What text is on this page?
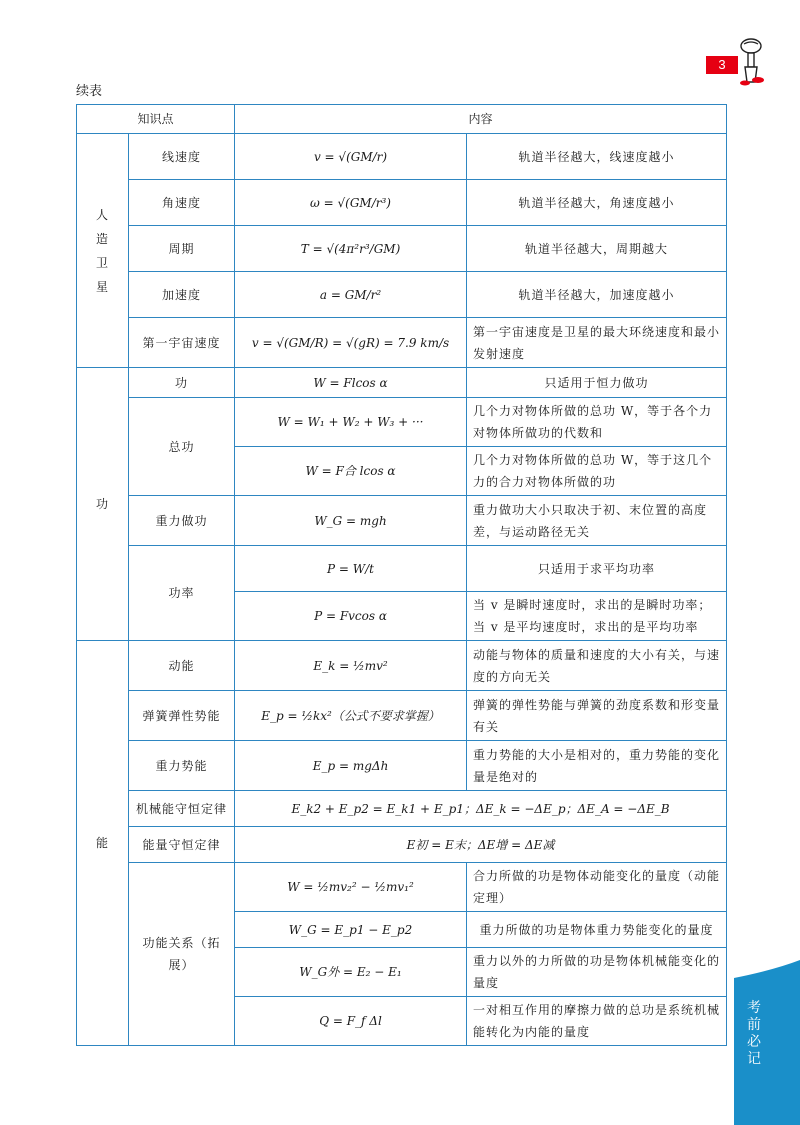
续表
3
知识点		内容	
人造卫星	线速度	v = √(GM/r)	轨道半径越大，线速度越小
	角速度	ω = √(GM/r³)	轨道半径越大，角速度越小
	周期	T = √(4π²r³/GM)	轨道半径越大，周期越大
	加速度	a = GM/r²	轨道半径越大，加速度越小
	第一宇宙速度	v = √(GM/R) = √(gR) = 7.9 km/s	第一宇宙速度是卫星的最大环绕速度和最小发射速度
功	功	W = Flcos α	只适用于恒力做功
	总功	W = W₁ + W₂ + W₃ + ···	几个力对物体所做的总功 W，等于各个力对物体所做功的代数和
		W = F合 lcos α	几个力对物体所做的总功 W，等于这几个力的合力对物体所做的功
	重力做功	W_G = mgh	重力做功大小只取决于初、末位置的高度差，与运动路径无关
	功率	P = W/t	只适用于求平均功率
		P = Fvcos α	当 v 是瞬时速度时，求出的是瞬时功率；当 v 是平均速度时，求出的是平均功率
能	动能	E_k = ½mv²	动能与物体的质量和速度的大小有关，与速度的方向无关
	弹簧弹性势能	E_p = ½kx²（公式不要求掌握）	弹簧的弹性势能与弹簧的劲度系数和形变量有关
	重力势能	E_p = mgΔh	重力势能的大小是相对的，重力势能的变化量是绝对的
	机械能守恒定律	E_k2 + E_p2 = E_k1 + E_p1；ΔE_k = −ΔE_p；ΔE_A = −ΔE_B	
	能量守恒定律	E初 = E末；ΔE增 = ΔE减	
	功能关系（拓展）	W = ½mv₂² − ½mv₁²	合力所做的功是物体动能变化的量度（动能定理）
		W_G = E_p1 − E_p2	重力所做的功是物体重力势能变化的量度
		W_G外 = E₂ − E₁	重力以外的力所做的功是物体机械能变化的量度
		Q = F_f Δl	一对相互作用的摩擦力做的总功是系统机械能转化为内能的量度
考前必记
